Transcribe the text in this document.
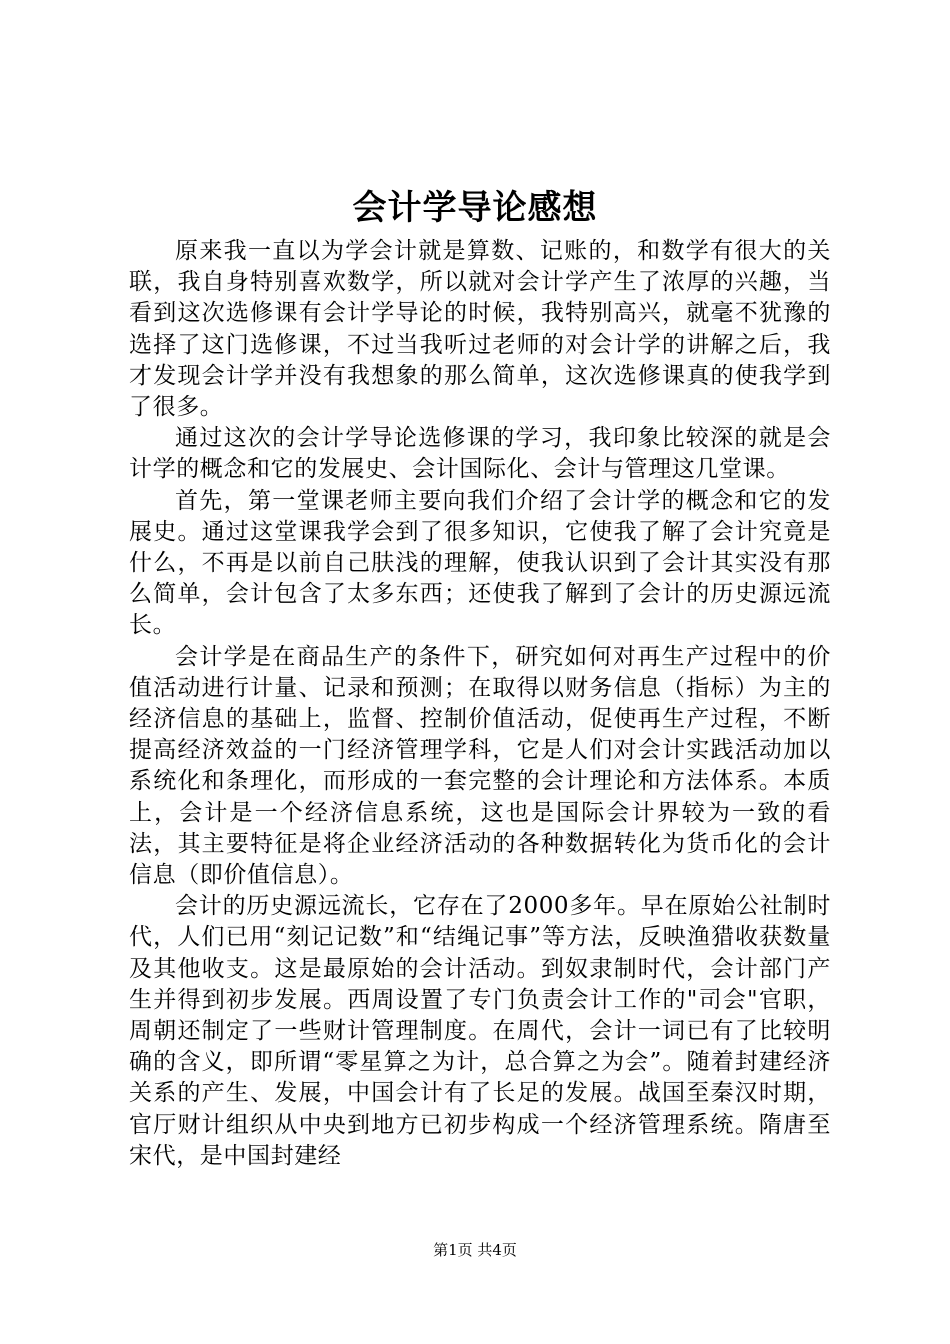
会计学导论感想

原来我一直以为学会计就是算数、记账的，和数学有很大的关联，我自身特别喜欢数学，所以就对会计学产生了浓厚的兴趣，当看到这次选修课有会计学导论的时候，我特别高兴，就毫不犹豫的选择了这门选修课，不过当我听过老师的对会计学的讲解之后，我才发现会计学并没有我想象的那么简单，这次选修课真的使我学到了很多。

通过这次的会计学导论选修课的学习，我印象比较深的就是会计学的概念和它的发展史、会计国际化、会计与管理这几堂课。

首先，第一堂课老师主要向我们介绍了会计学的概念和它的发展史。通过这堂课我学会到了很多知识，它使我了解了会计究竟是什么，不再是以前自己肤浅的理解，使我认识到了会计其实没有那么简单，会计包含了太多东西；还使我了解到了会计的历史源远流长。

会计学是在商品生产的条件下，研究如何对再生产过程中的价值活动进行计量、记录和预测；在取得以财务信息（指标）为主的经济信息的基础上，监督、控制价值活动，促使再生产过程，不断提高经济效益的一门经济管理学科，它是人们对会计实践活动加以系统化和条理化，而形成的一套完整的会计理论和方法体系。本质上，会计是一个经济信息系统，这也是国际会计界较为一致的看法，其主要特征是将企业经济活动的各种数据转化为货币化的会计信息（即价值信息）。

会计的历史源远流长，它存在了2000多年。早在原始公社制时代，人们已用“刻记记数”和“结绳记事”等方法，反映渔猎收获数量及其他收支。这是最原始的会计活动。到奴隶制时代，会计部门产生并得到初步发展。西周设置了专门负责会计工作的"司会"官职，周朝还制定了一些财计管理制度。在周代，会计一词已有了比较明确的含义，即所谓“零星算之为计，总合算之为会”。随着封建经济关系的产生、发展，中国会计有了长足的发展。战国至秦汉时期，官厅财计组织从中央到地方已初步构成一个经济管理系统。隋唐至宋代，是中国封建经

第1页 共4页
